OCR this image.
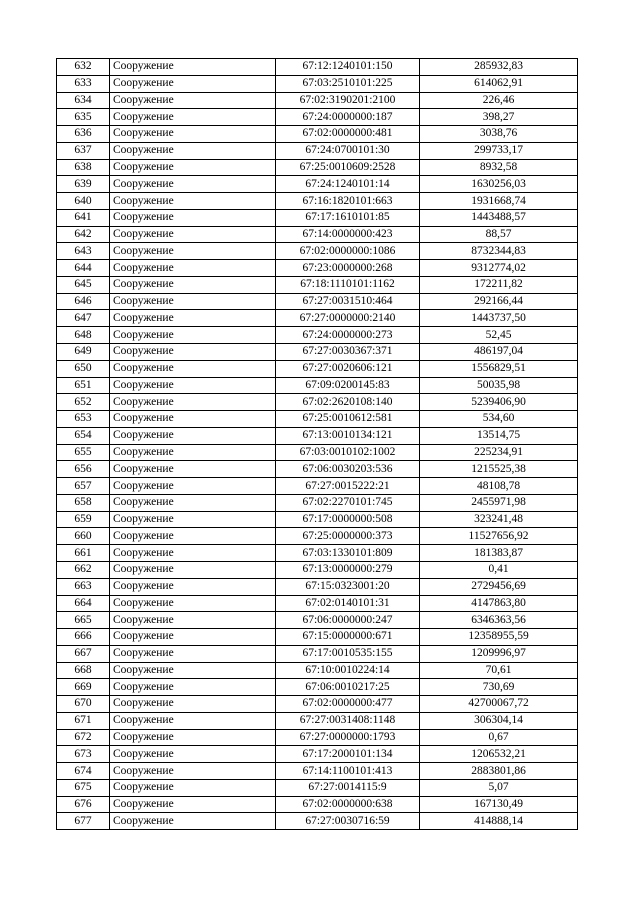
632	Сооружение	67:12:1240101:150	285932,83
633	Сооружение	67:03:2510101:225	614062,91
634	Сооружение	67:02:3190201:2100	226,46
635	Сооружение	67:24:0000000:187	398,27
636	Сооружение	67:02:0000000:481	3038,76
637	Сооружение	67:24:0700101:30	299733,17
638	Сооружение	67:25:0010609:2528	8932,58
639	Сооружение	67:24:1240101:14	1630256,03
640	Сооружение	67:16:1820101:663	1931668,74
641	Сооружение	67:17:1610101:85	1443488,57
642	Сооружение	67:14:0000000:423	88,57
643	Сооружение	67:02:0000000:1086	8732344,83
644	Сооружение	67:23:0000000:268	9312774,02
645	Сооружение	67:18:1110101:1162	172211,82
646	Сооружение	67:27:0031510:464	292166,44
647	Сооружение	67:27:0000000:2140	1443737,50
648	Сооружение	67:24:0000000:273	52,45
649	Сооружение	67:27:0030367:371	486197,04
650	Сооружение	67:27:0020606:121	1556829,51
651	Сооружение	67:09:0200145:83	50035,98
652	Сооружение	67:02:2620108:140	5239406,90
653	Сооружение	67:25:0010612:581	534,60
654	Сооружение	67:13:0010134:121	13514,75
655	Сооружение	67:03:0010102:1002	225234,91
656	Сооружение	67:06:0030203:536	1215525,38
657	Сооружение	67:27:0015222:21	48108,78
658	Сооружение	67:02:2270101:745	2455971,98
659	Сооружение	67:17:0000000:508	323241,48
660	Сооружение	67:25:0000000:373	11527656,92
661	Сооружение	67:03:1330101:809	181383,87
662	Сооружение	67:13:0000000:279	0,41
663	Сооружение	67:15:0323001:20	2729456,69
664	Сооружение	67:02:0140101:31	4147863,80
665	Сооружение	67:06:0000000:247	6346363,56
666	Сооружение	67:15:0000000:671	12358955,59
667	Сооружение	67:17:0010535:155	1209996,97
668	Сооружение	67:10:0010224:14	70,61
669	Сооружение	67:06:0010217:25	730,69
670	Сооружение	67:02:0000000:477	42700067,72
671	Сооружение	67:27:0031408:1148	306304,14
672	Сооружение	67:27:0000000:1793	0,67
673	Сооружение	67:17:2000101:134	1206532,21
674	Сооружение	67:14:1100101:413	2883801,86
675	Сооружение	67:27:0014115:9	5,07
676	Сооружение	67:02:0000000:638	167130,49
677	Сооружение	67:27:0030716:59	414888,14
